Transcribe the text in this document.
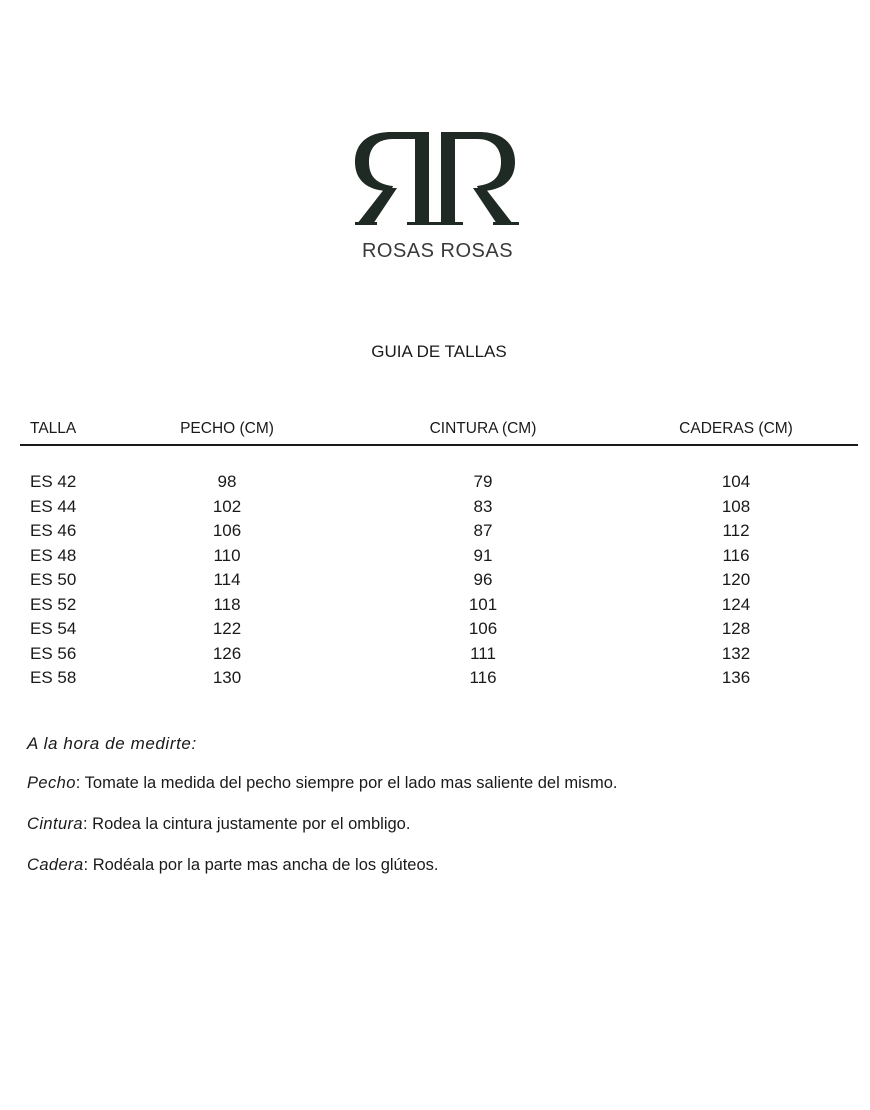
ROSAS ROSAS
GUIA DE TALLAS
TALLA	PECHO (CM)	CINTURA (CM)	CADERAS (CM)
ES 42	98	79	104
ES 44	102	83	108
ES 46	106	87	112
ES 48	110	91	116
ES 50	114	96	120
ES 52	118	101	124
ES 54	122	106	128
ES 56	126	111	132
ES 58	130	116	136

A la hora de medirte:

Pecho: Tomate la medida del pecho siempre por el lado mas saliente del mismo.

Cintura: Rodea la cintura justamente por el ombligo.

Cadera: Rodéala por la parte mas ancha de los glúteos.
